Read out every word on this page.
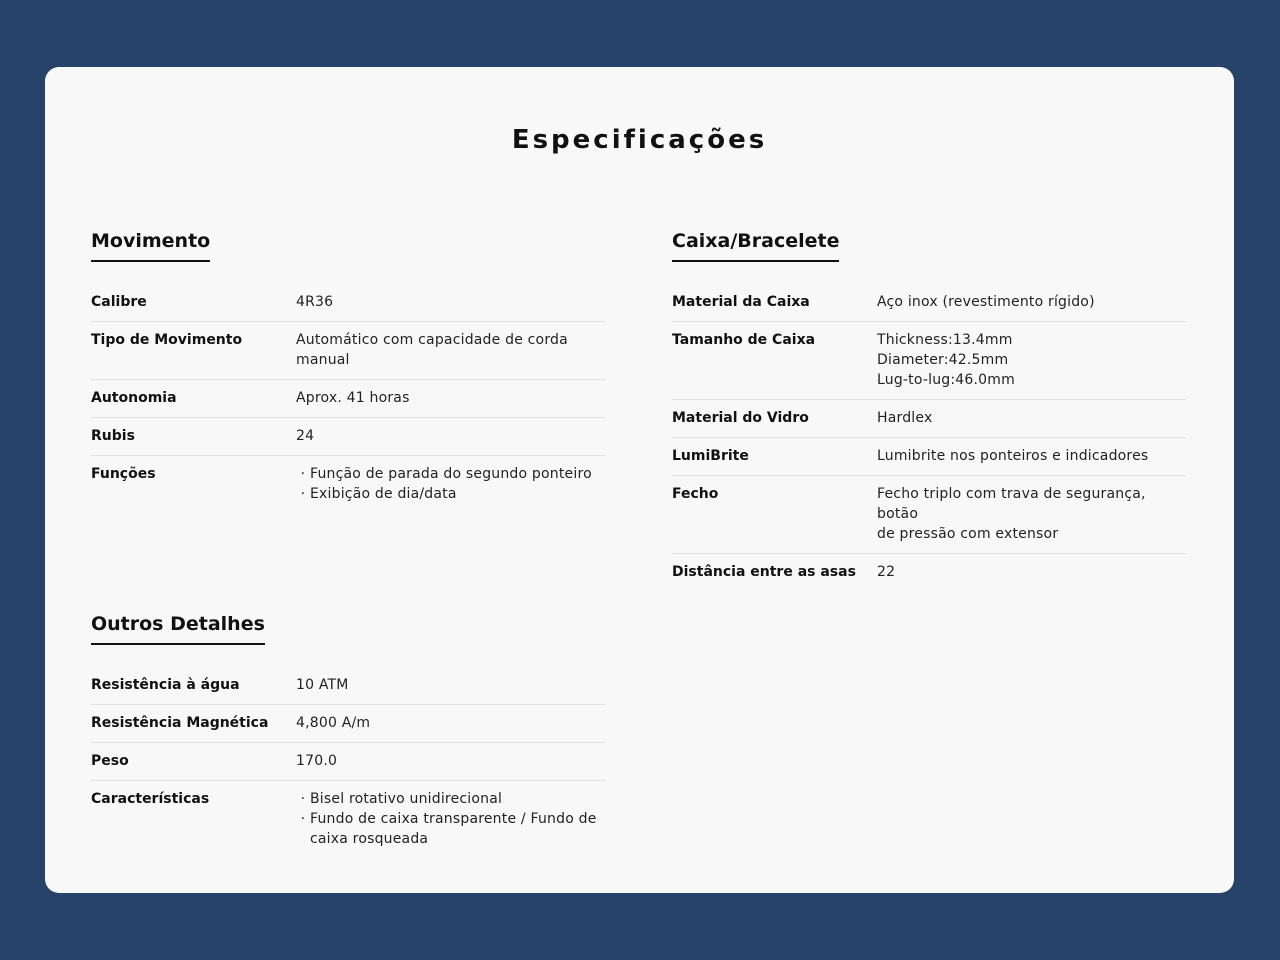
Especificações
Movimento
Calibre	4R36
Tipo de Movimento	Automático com capacidade de corda
manual
Autonomia	Aprox. 41 horas
Rubis	24
Funções	· Função de parada do segundo ponteiro
· Exibição de dia/data
Caixa/Bracelete
Material da Caixa	Aço inox (revestimento rígido)
Tamanho de Caixa	Thickness:13.4mm
Diameter:42.5mm
Lug-to-lug:46.0mm
Material do Vidro	Hardlex
LumiBrite	Lumibrite nos ponteiros e indicadores
Fecho	Fecho triplo com trava de segurança, botão
de pressão com extensor
Distância entre as asas	22
Outros Detalhes
Resistência à água	10 ATM
Resistência Magnética	4,800 A/m
Peso	170.0
Características	· Bisel rotativo unidirecional
· Fundo de caixa transparente / Fundo de caixa rosqueada
